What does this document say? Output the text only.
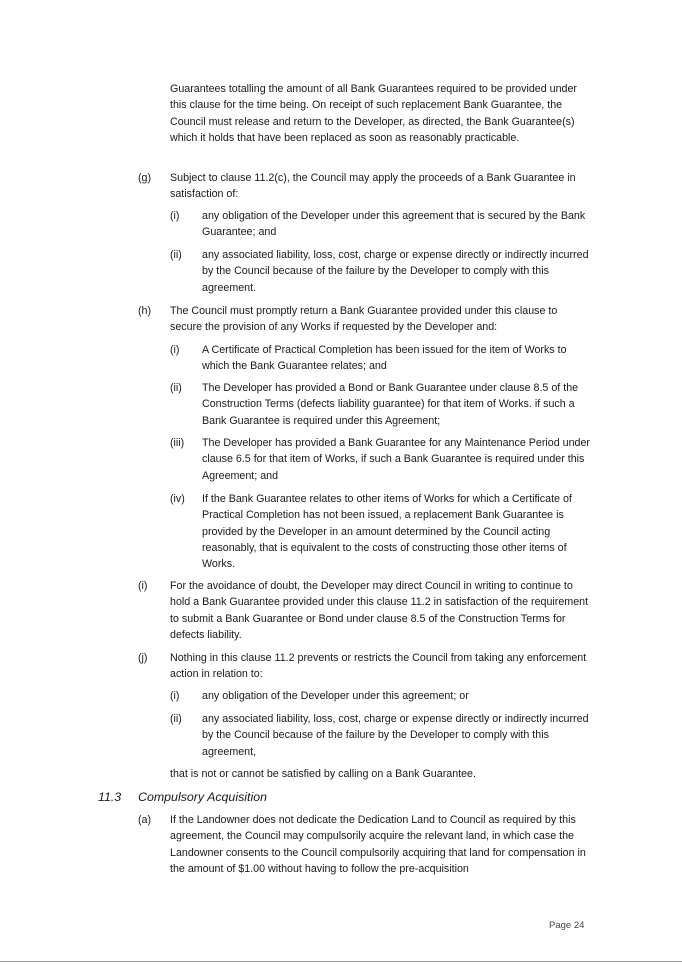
Guarantees totalling the amount of all Bank Guarantees required to be provided under this clause for the time being. On receipt of such replacement Bank Guarantee, the Council must release and return to the Developer, as directed, the Bank Guarantee(s) which it holds that have been replaced as soon as reasonably practicable.

(g) Subject to clause 11.2(c), the Council may apply the proceeds of a Bank Guarantee in satisfaction of:

(i) any obligation of the Developer under this agreement that is secured by the Bank Guarantee; and

(ii) any associated liability, loss, cost, charge or expense directly or indirectly incurred by the Council because of the failure by the Developer to comply with this agreement.

(h) The Council must promptly return a Bank Guarantee provided under this clause to secure the provision of any Works if requested by the Developer and:

(i) A Certificate of Practical Completion has been issued for the item of Works to which the Bank Guarantee relates; and

(ii) The Developer has provided a Bond or Bank Guarantee under clause 8.5 of the Construction Terms (defects liability guarantee) for that item of Works. if such a Bank Guarantee is required under this Agreement;

(iii) The Developer has provided a Bank Guarantee for any Maintenance Period under clause 6.5 for that item of Works, if such a Bank Guarantee is required under this Agreement; and

(iv) If the Bank Guarantee relates to other items of Works for which a Certificate of Practical Completion has not been issued, a replacement Bank Guarantee is provided by the Developer in an amount determined by the Council acting reasonably, that is equivalent to the costs of constructing those other items of Works.

(i) For the avoidance of doubt, the Developer may direct Council in writing to continue to hold a Bank Guarantee provided under this clause 11.2 in satisfaction of the requirement to submit a Bank Guarantee or Bond under clause 8.5 of the Construction Terms for defects liability.

(j) Nothing in this clause 11.2 prevents or restricts the Council from taking any enforcement action in relation to:

(i) any obligation of the Developer under this agreement; or

(ii) any associated liability, loss, cost, charge or expense directly or indirectly incurred by the Council because of the failure by the Developer to comply with this agreement,

that is not or cannot be satisfied by calling on a Bank Guarantee.

11.3 Compulsory Acquisition
(a) If the Landowner does not dedicate the Dedication Land to Council as required by this agreement, the Council may compulsorily acquire the relevant land, in which case the Landowner consents to the Council compulsorily acquiring that land for compensation in the amount of $1.00 without having to follow the pre-acquisition

Page 24
